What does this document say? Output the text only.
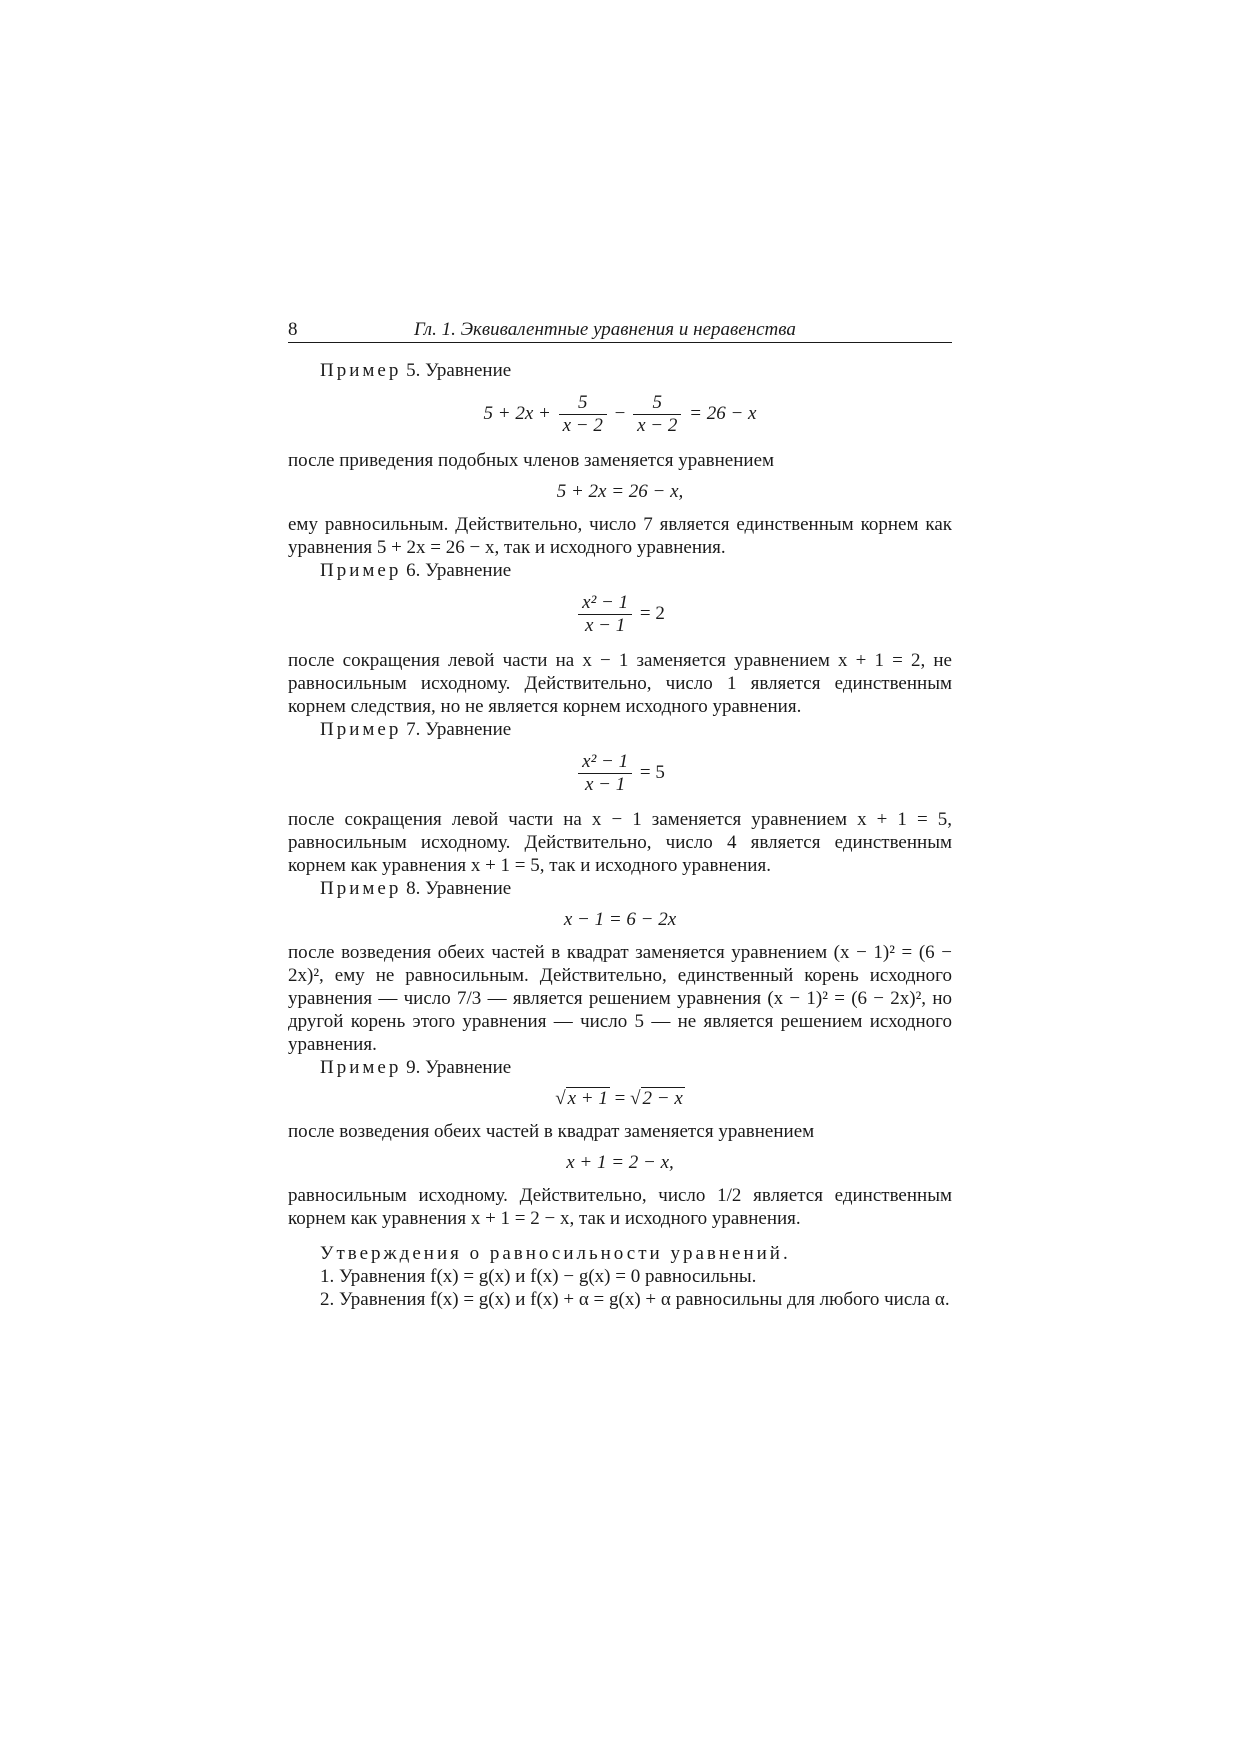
8	Гл. 1. Эквивалентные уравнения и неравенства

Пример 5. Уравнение

$5 + 2x + \frac{5}{x - 2} - \frac{5}{x - 2} = 26 - x$

после приведения подобных членов заменяется уравнением

5 + 2x = 26 − x,

ему равносильным. Действительно, число 7 является единственным корнем как уравнения 5 + 2x = 26 − x, так и исходного уравнения.

Пример 6. Уравнение

$\frac{\text{x² − 1}}{x - 1} = 2$

после сокращения левой части на x − 1 заменяется уравнением x + 1 = 2, не равносильным исходному. Действительно, число 1 является единственным корнем следствия, но не является корнем исходного уравнения.

Пример 7. Уравнение

$\frac{\text{x² − 1}}{x - 1} = 5$

после сокращения левой части на x − 1 заменяется уравнением x + 1 = 5, равносильным исходному. Действительно, число 4 является единственным корнем как уравнения x + 1 = 5, так и исходного уравнения.

Пример 8. Уравнение

x − 1 = 6 − 2x

после возведения обеих частей в квадрат заменяется уравнением (x − 1)² = (6 − 2x)², ему не равносильным. Действительно, единственный корень исходного уравнения — число 7/3 — является решением уравнения (x − 1)² = (6 − 2x)², но другой корень этого уравнения — число 5 — не является решением исходного уравнения.

Пример 9. Уравнение

√ x + 1 = √ 2 − x

после возведения обеих частей в квадрат заменяется уравнением

x + 1 = 2 − x,

равносильным исходному. Действительно, число 1/2 является единственным корнем как уравнения x + 1 = 2 − x, так и исходного уравнения.

Утверждения о равносильности уравнений.

1. Уравнения f(x) = g(x) и f(x) − g(x) = 0 равносильны.

2. Уравнения f(x) = g(x) и f(x) + α = g(x) + α равносильны для любого числа α.
